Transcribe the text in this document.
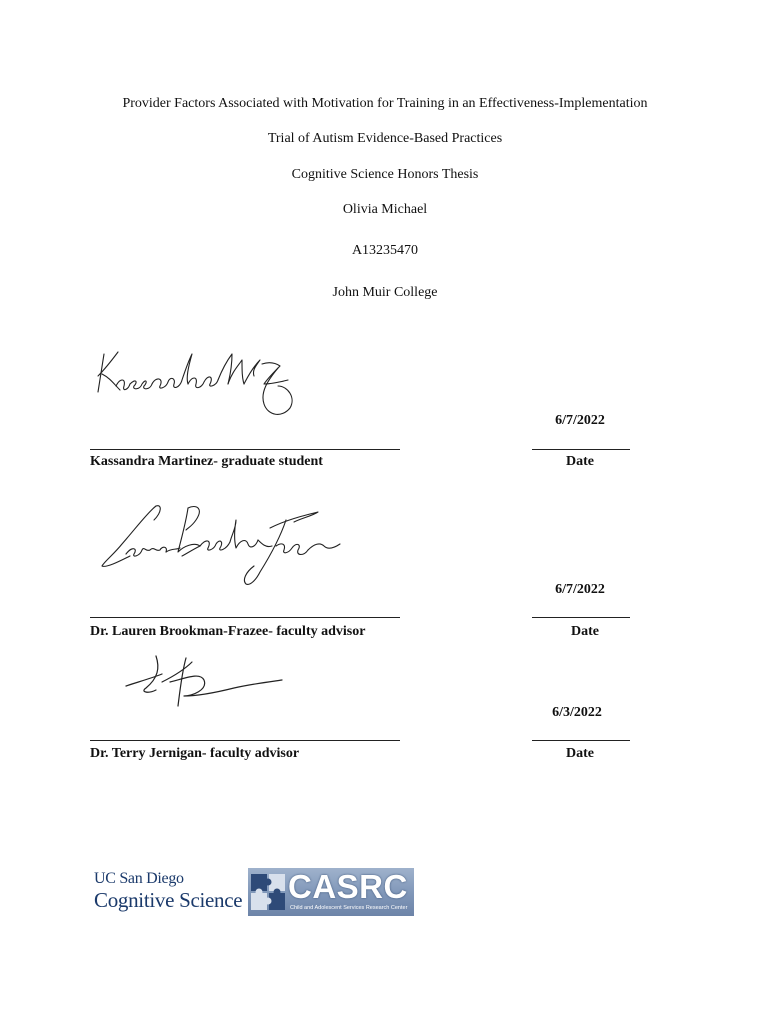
Provider Factors Associated with Motivation for Training in an Effectiveness-Implementation
Trial of Autism Evidence-Based Practices
Cognitive Science Honors Thesis
Olivia Michael
A13235470
John Muir College
6/7/2022
Kassandra Martinez- graduate student	Date
6/7/2022
Dr. Lauren Brookman-Frazee- faculty advisor	Date
6/3/2022
Dr. Terry Jernigan- faculty advisor	Date
UC San Diego
Cognitive Science CASRC
Child and Adolescent Services Research Center
